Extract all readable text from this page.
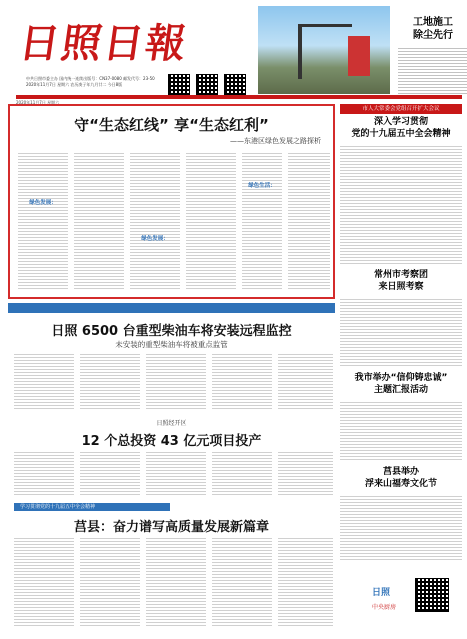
日照日報
中共日照市委主办 国内统一连续出版号：CN37-0080 邮发代号：23-50
2020年11月7日 星期六 农历庚子年九月廿二 今日8版
工地施工
除尘先行
2020年11月7日 星期六
守“生态红线” 享“生态红利”
——东港区绿色发展之路探析
绿色发展：
绿色发展：
绿色生活：
市人大常委会党组召开扩大会议
深入学习贯彻
党的十九届五中全会精神
常州市考察团
来日照考察
我市举办“信仰铸忠诚”
主题汇报活动
莒县举办
浮来山福寿文化节
日照 6500 台重型柴油车将安装远程监控
未安装的重型柴油车将被重点监管
日照经开区
12 个总投资 43 亿元项目投产
学习贯彻党的十九届五中全会精神
莒县：奋力谱写高质量发展新篇章
日照
中央厨房
